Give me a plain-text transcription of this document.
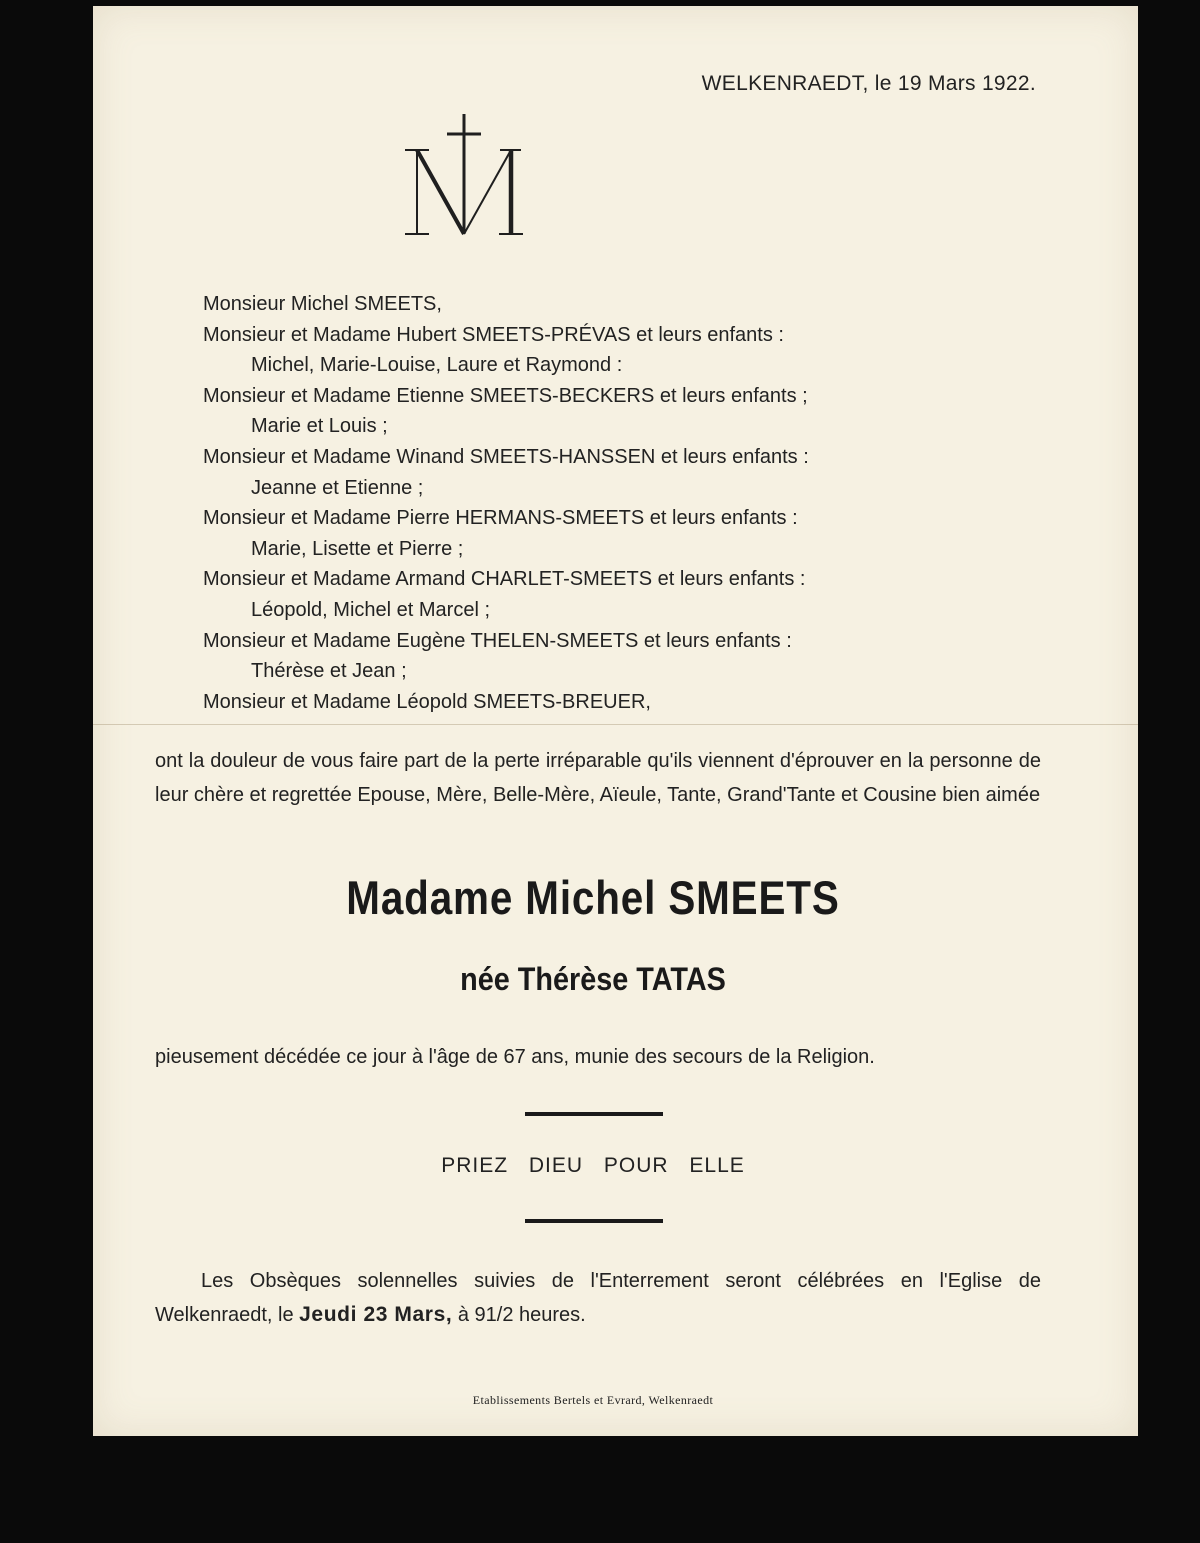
WELKENRAEDT, le 19 Mars 1922.
Monsieur Michel SMEETS,
Monsieur et Madame Hubert SMEETS-PRÉVAS et leurs enfants :
Michel, Marie-Louise, Laure et Raymond :
Monsieur et Madame Etienne SMEETS-BECKERS et leurs enfants ;
Marie et Louis ;
Monsieur et Madame Winand SMEETS-HANSSEN et leurs enfants :
Jeanne et Etienne ;
Monsieur et Madame Pierre HERMANS-SMEETS et leurs enfants :
Marie, Lisette et Pierre ;
Monsieur et Madame Armand CHARLET-SMEETS et leurs enfants :
Léopold, Michel et Marcel ;
Monsieur et Madame Eugène THELEN-SMEETS et leurs enfants :
Thérèse et Jean ;
Monsieur et Madame Léopold SMEETS-BREUER,
ont la douleur de vous faire part de la perte irréparable qu'ils viennent d'éprouver en la personne de leur chère et regrettée Epouse, Mère, Belle-Mère, Aïeule, Tante, Grand'Tante et Cousine bien aimée
Madame Michel SMEETS
née Thérèse TATAS
pieusement décédée ce jour à l'âge de 67 ans, munie des secours de la Religion.
PRIEZ DIEU POUR ELLE
Les Obsèques solennelles suivies de l'Enterrement seront célébrées en l'Eglise de Welkenraedt, le Jeudi 23 Mars, à 91/2 heures.
Etablissements Bertels et Evrard, Welkenraedt
